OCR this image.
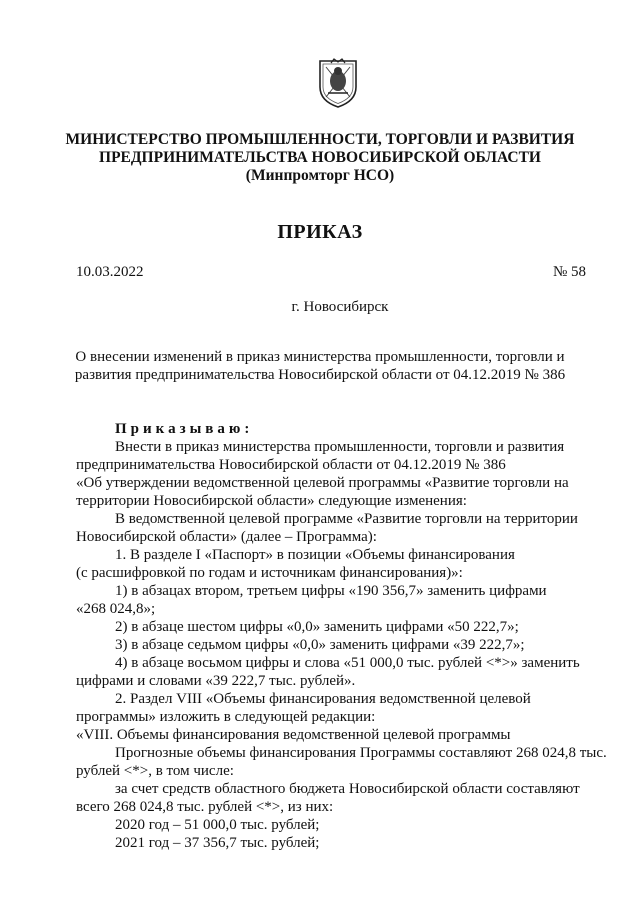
МИНИСТЕРСТВО ПРОМЫШЛЕННОСТИ, ТОРГОВЛИ И РАЗВИТИЯ
ПРЕДПРИНИМАТЕЛЬСТВА НОВОСИБИРСКОЙ ОБЛАСТИ
(Минпромторг НСО)
ПРИКАЗ
10.03.2022	№ 58
г. Новосибирск
О внесении изменений в приказ министерства промышленности, торговли и
развития предпринимательства Новосибирской области от 04.12.2019 № 386

Приказываю:

Внести в приказ министерства промышленности, торговли и развития

предпринимательства Новосибирской области от 04.12.2019 № 386

«Об утверждении ведомственной целевой программы «Развитие торговли на

территории Новосибирской области» следующие изменения:

В ведомственной целевой программе «Развитие торговли на территории

Новосибирской области» (далее – Программа):

1. В разделе I «Паспорт» в позиции «Объемы финансирования

(с расшифровкой по годам и источникам финансирования)»:

1) в абзацах втором, третьем цифры «190 356,7» заменить цифрами

«268 024,8»;

2) в абзаце шестом цифры «0,0» заменить цифрами «50 222,7»;

3) в абзаце седьмом цифры «0,0» заменить цифрами «39 222,7»;

4) в абзаце восьмом цифры и слова «51 000,0 тыс. рублей <*>» заменить

цифрами и словами «39 222,7 тыс. рублей».

2. Раздел VIII «Объемы финансирования ведомственной целевой

программы» изложить в следующей редакции:

«VIII. Объемы финансирования ведомственной целевой программы

Прогнозные объемы финансирования Программы составляют 268 024,8 тыс.

рублей <*>, в том числе:

за счет средств областного бюджета Новосибирской области составляют

всего 268 024,8 тыс. рублей <*>, из них:

2020 год – 51 000,0 тыс. рублей;

2021 год – 37 356,7 тыс. рублей;
